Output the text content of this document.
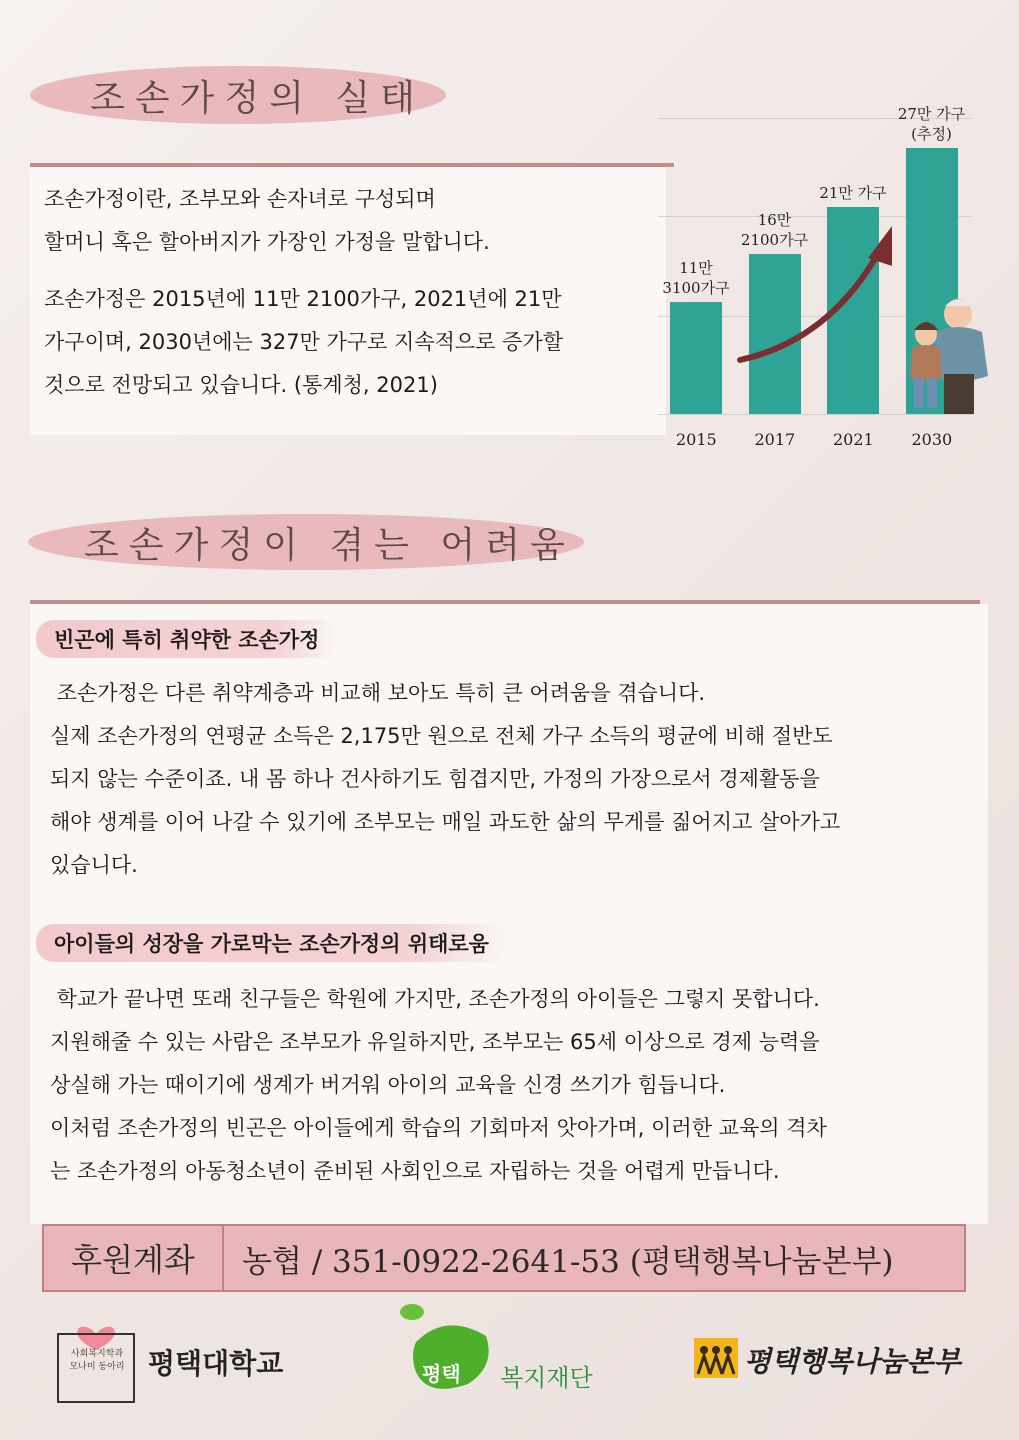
조손가정의 실태
조손가정이란, 조부모와 손자녀로 구성되며
할머니 혹은 할아버지가 가장인 가정을 말합니다.
조손가정은 2015년에 11만 2100가구, 2021년에 21만
가구이며, 2030년에는 327만 가구로 지속적으로 증가할
것으로 전망되고 있습니다. (통계청, 2021)
11만
3100가구
2015
16만
2100가구
2017
21만 가구
2021
27만 가구
(추정)
2030
조손가정이 겪는 어려움
빈곤에 특히 취약한 조손가정
조손가정은 다른 취약계층과 비교해 보아도 특히 큰 어려움을 겪습니다.
실제 조손가정의 연평균 소득은 2,175만 원으로 전체 가구 소득의 평균에 비해 절반도
되지 않는 수준이죠. 내 몸 하나 건사하기도 힘겹지만, 가정의 가장으로서 경제활동을
해야 생계를 이어 나갈 수 있기에 조부모는 매일 과도한 삶의 무게를 짊어지고 살아가고
있습니다.
아이들의 성장을 가로막는 조손가정의 위태로움
학교가 끝나면 또래 친구들은 학원에 가지만, 조손가정의 아이들은 그렇지 못합니다.
지원해줄 수 있는 사람은 조부모가 유일하지만, 조부모는 65세 이상으로 경제 능력을
상실해 가는 때이기에 생계가 버거워 아이의 교육을 신경 쓰기가 힘듭니다.
이처럼 조손가정의 빈곤은 아이들에게 학습의 기회마저 앗아가며, 이러한 교육의 격차
는 조손가정의 아동청소년이 준비된 사회인으로 자립하는 것을 어렵게 만듭니다.
후원계좌	농협 / 351-0922-2641-53 (평택행복나눔본부)
사회복지학과
모나미 동아리 평택대학교	평택 복지재단	평택행복나눔본부
